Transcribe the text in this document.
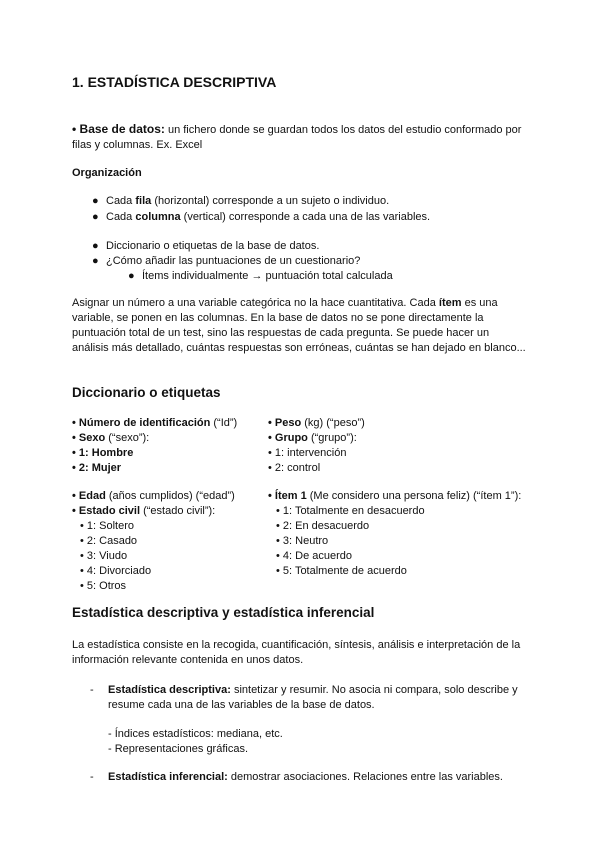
1. ESTADÍSTICA DESCRIPTIVA
• Base de datos: un fichero donde se guardan todos los datos del estudio conformado por
filas y columnas. Ex. Excel
Organización
● Cada fila (horizontal) corresponde a un sujeto o individuo.
● Cada columna (vertical) corresponde a cada una de las variables.
● Diccionario o etiquetas de la base de datos.
● ¿Cómo añadir las puntuaciones de un cuestionario?
● Ítems individualmente → puntuación total calculada
Asignar un número a una variable categórica no la hace cuantitativa. Cada ítem es una variable, se ponen en las columnas. En la base de datos no se pone directamente la puntuación total de un test, sino las respuestas de cada pregunta. Se puede hacer un análisis más detallado, cuántas respuestas son erróneas, cuántas se han dejado en blanco...
Diccionario o etiquetas
• Número de identificación (“Id”)
• Sexo (“sexo”):
• 1: Hombre
• 2: Mujer
• Peso (kg) (“peso”)
• Grupo (“grupo”):
• 1: intervención
• 2: control
• Edad (años cumplidos) (“edad”)
• Estado civil (“estado civil”):
• 1: Soltero
• 2: Casado
• 3: Viudo
• 4: Divorciado
• 5: Otros
• Ítem 1 (Me considero una persona feliz) (“ítem 1”):
• 1: Totalmente en desacuerdo
• 2: En desacuerdo
• 3: Neutro
• 4: De acuerdo
• 5: Totalmente de acuerdo
Estadística descriptiva y estadística inferencial
La estadística consiste en la recogida, cuantificación, síntesis, análisis e interpretación de la información relevante contenida en unos datos.
- Estadística descriptiva: sintetizar y resumir. No asocia ni compara, solo describe y
resume cada una de las variables de la base de datos.
- Índices estadísticos: mediana, etc.
- Representaciones gráficas.
- Estadística inferencial: demostrar asociaciones. Relaciones entre las variables.
